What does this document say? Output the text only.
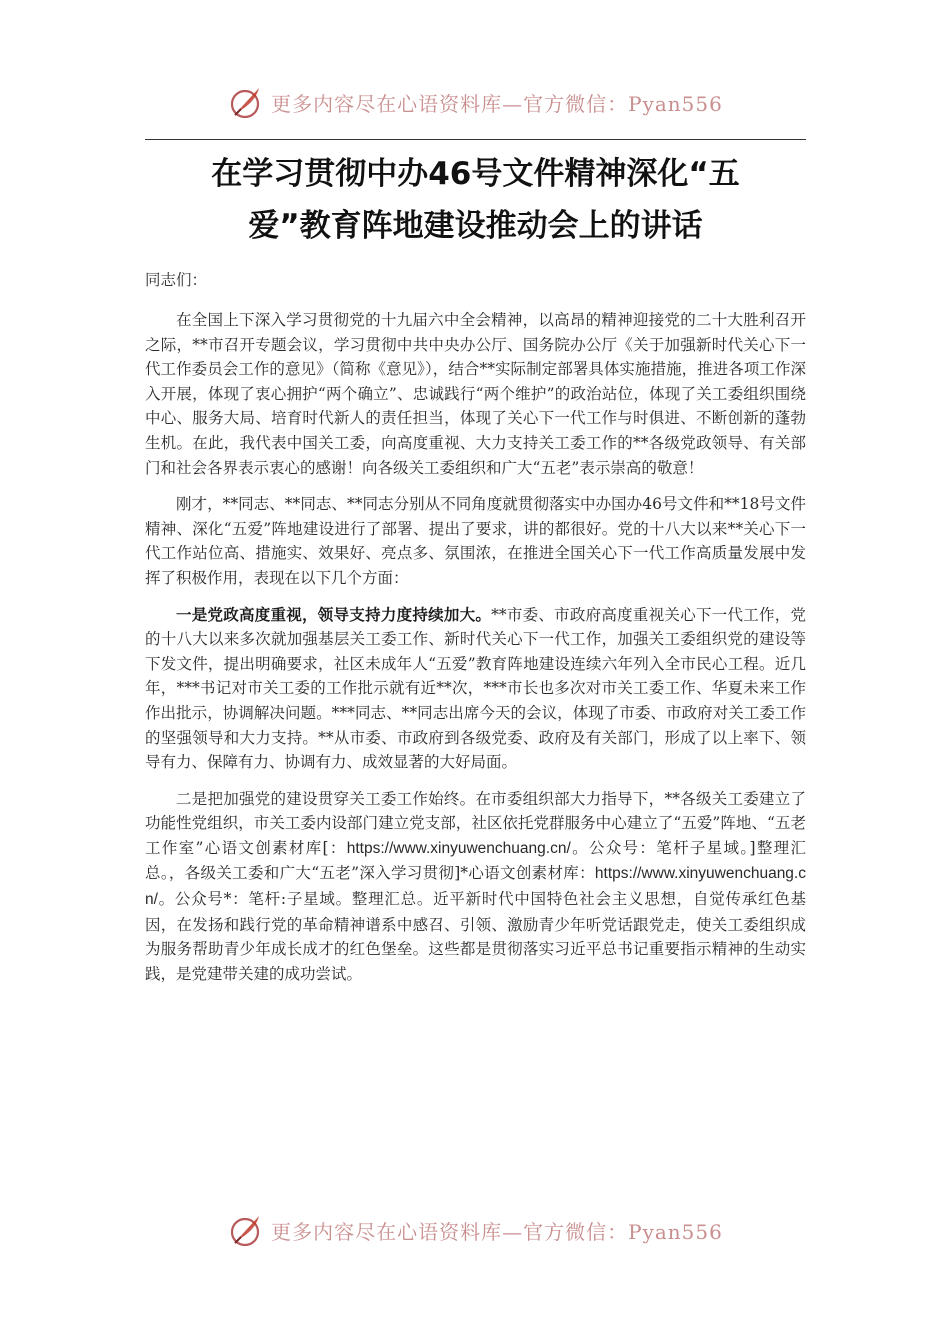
更多内容尽在心语资料库—官方微信：Pyan556
在学习贯彻中办46号文件精神深化“五
爱”教育阵地建设推动会上的讲话
同志们：

在全国上下深入学习贯彻党的十九届六中全会精神，以高昂的精神迎接党的二十大胜利召开之际，**市召开专题会议，学习贯彻中共中央办公厅、国务院办公厅《关于加强新时代关心下一代工作委员会工作的意见》（简称《意见》），结合**实际制定部署具体实施措施，推进各项工作深入开展，体现了衷心拥护“两个确立”、忠诚践行“两个维护”的政治站位，体现了关工委组织围绕中心、服务大局、培育时代新人的责任担当，体现了关心下一代工作与时俱进、不断创新的蓬勃生机。在此，我代表中国关工委，向高度重视、大力支持关工委工作的**各级党政领导、有关部门和社会各界表示衷心的感谢！向各级关工委组织和广大“五老”表示崇高的敬意！

刚才，**同志、**同志、**同志分别从不同角度就贯彻落实中办国办46号文件和**18号文件精神、深化“五爱”阵地建设进行了部署、提出了要求，讲的都很好。党的十八大以来**关心下一代工作站位高、措施实、效果好、亮点多、氛围浓，在推进全国关心下一代工作高质量发展中发挥了积极作用，表现在以下几个方面：

一是党政高度重视，领导支持力度持续加大。**市委、市政府高度重视关心下一代工作，党的十八大以来多次就加强基层关工委工作、新时代关心下一代工作，加强关工委组织党的建设等下发文件，提出明确要求，社区未成年人“五爱”教育阵地建设连续六年列入全市民心工程。近几年，***书记对市关工委的工作批示就有近**次，***市长也多次对市关工委工作、华夏未来工作作出批示，协调解决问题。***同志、**同志出席今天的会议，体现了市委、市政府对关工委工作的坚强领导和大力支持。**从市委、市政府到各级党委、政府及有关部门，形成了以上率下、领导有力、保障有力、协调有力、成效显著的大好局面。

二是把加强党的建设贯穿关工委工作始终。在市委组织部大力指导下，**各级关工委建立了功能性党组织，市关工委内设部门建立党支部，社区依托党群服务中心建立了“五爱”阵地、“五老工作室”心语文创素材库[：https://www.xinyuwenchuang.cn/。公众号：笔杆子星域。]整理汇总。，各级关工委和广大“五老”深入学习贯彻]*心语文创素材库：https://www.xinyuwenchuang.cn/。公众号*：笔杆:子星域。整理汇总。近平新时代中国特色社会主义思想，自觉传承红色基因，在发扬和践行党的革命精神谱系中感召、引领、激励青少年听党话跟党走，使关工委组织成为服务帮助青少年成长成才的红色堡垒。这些都是贯彻落实习近平总书记重要指示精神的生动实践，是党建带关建的成功尝试。

更多内容尽在心语资料库—官方微信：Pyan556
